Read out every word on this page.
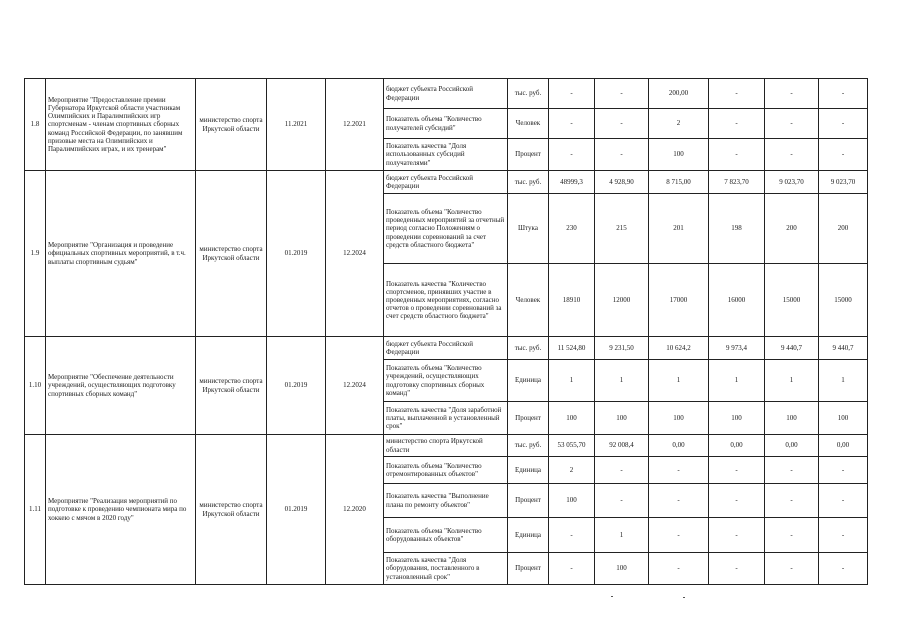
1.8	Мероприятие "Предоставление премии Губернатора Иркутской области участникам Олимпийских и Паралимпийских игр спортсменам - членам спортивных сборных команд Российской Федерации, по занявшим призовые места на Олимпийских и Паралимпийских играх, и их тренерам"	министерство спорта Иркутской области	11.2021	12.2021	бюджет субъекта Российской Федерации	тыс. руб.	-	-	200,00	-	-	-
					Показатель объема "Количество получателей субсидий"	Человек	-	-	2	-	-	-
					Показатель качества "Доля использованных субсидий получателями"	Процент	-	-	100	-	-	-
1.9	Мероприятие "Организация и проведение официальных спортивных мероприятий, в т.ч. выплаты спортивным судьям"	министерство спорта Иркутской области	01.2019	12.2024	бюджет субъекта Российской Федерации	тыс. руб.	48999,3	4 928,90	8 715,00	7 823,70	9 023,70	9 023,70
					Показатель объема "Количество проведенных мероприятий за отчетный период согласно Положениям о проведении соревнований за счет средств областного бюджета"	Штука	230	215	201	198	200	200
					Показатель качества "Количество спортсменов, принявших участие в проведенных мероприятиях, согласно отчетов о проведении соревнований за счет средств областного бюджета"	Человек	18910	12000	17000	16000	15000	15000
1.10	Мероприятие "Обеспечение деятельности учреждений, осуществляющих подготовку спортивных сборных команд"	министерство спорта Иркутской области	01.2019	12.2024	бюджет субъекта Российской Федерации	тыс. руб.	11 524,80	9 231,50	10 624,2	9 973,4	9 440,7	9 440,7
					Показатель объема "Количество учреждений, осуществляющих подготовку спортивных сборных команд"	Единица	1	1	1	1	1	1
					Показатель качества "Доля заработной платы, выплаченной в установленный срок"	Процент	100	100	100	100	100	100
1.11	Мероприятие "Реализация мероприятий по подготовке к проведению чемпионата мира по хоккею с мячом в 2020 году"	министерство спорта Иркутской области	01.2019	12.2020	министерство спорта Иркутской области	тыс. руб.	53 055,70	92 008,4	0,00	0,00	0,00	0,00
					Показатель объема "Количество отремонтированных объектов"	Единица	2	-	-	-	-	-
					Показатель качества "Выполнение плана по ремонту объектов"	Процент	100	-	-	-	-	-
					Показатель объема "Количество оборудованных объектов"	Единица	-	1	-	-	-	-
					Показатель качества "Доля оборудования, поставленного в установленный срок"	Процент	-	100	-	-	-	-
